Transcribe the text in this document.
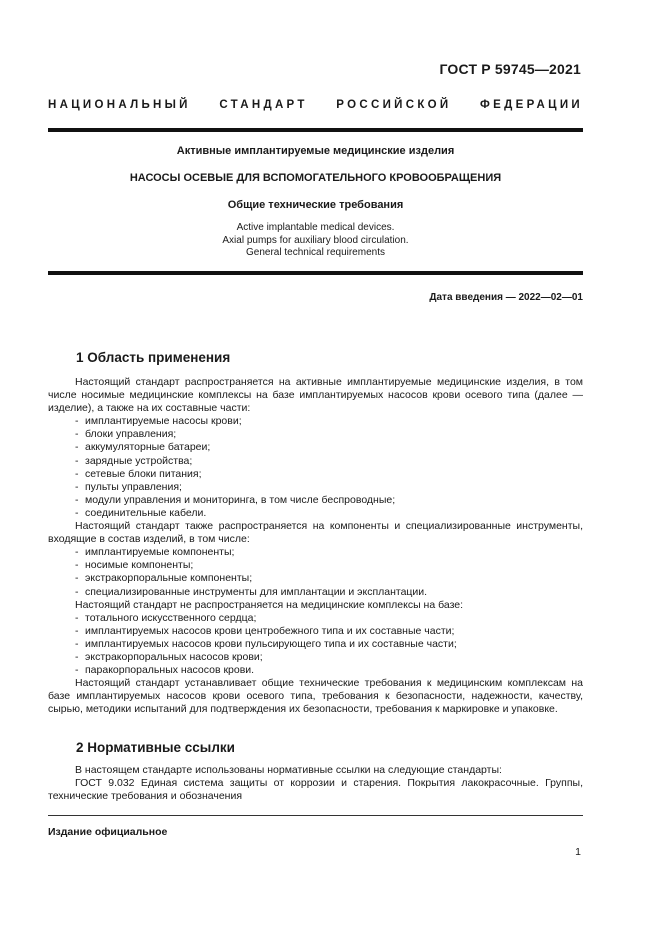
ГОСТ Р 59745—2021
НАЦИОНАЛЬНЫЙ СТАНДАРТ РОССИЙСКОЙ ФЕДЕРАЦИИ
Активные имплантируемые медицинские изделия
НАСОСЫ ОСЕВЫЕ ДЛЯ ВСПОМОГАТЕЛЬНОГО КРОВООБРАЩЕНИЯ
Общие технические требования
Active implantable medical devices.
Axial pumps for auxiliary blood circulation.
General technical requirements
Дата введения — 2022—02—01
1 Область применения

Настоящий стандарт распространяется на активные имплантируемые медицинские изделия, в том числе носимые медицинские комплексы на базе имплантируемых насосов крови осевого типа (далее — изделие), а также на их составные части:

- имплантируемые насосы крови;
- блоки управления;
- аккумуляторные батареи;
- зарядные устройства;
- сетевые блоки питания;
- пульты управления;
- модули управления и мониторинга, в том числе беспроводные;
- соединительные кабели.

Настоящий стандарт также распространяется на компоненты и специализированные инструменты, входящие в состав изделий, в том числе:

- имплантируемые компоненты;
- носимые компоненты;
- экстракорпоральные компоненты;
- специализированные инструменты для имплантации и эксплантации.

Настоящий стандарт не распространяется на медицинские комплексы на базе:

- тотального искусственного сердца;
- имплантируемых насосов крови центробежного типа и их составные части;
- имплантируемых насосов крови пульсирующего типа и их составные части;
- экстракорпоральных насосов крови;
- паракорпоральных насосов крови.

Настоящий стандарт устанавливает общие технические требования к медицинским комплексам на базе имплантируемых насосов крови осевого типа, требования к безопасности, надежности, качеству, сырью, методики испытаний для подтверждения их безопасности, требования к маркировке и упаковке.

2 Нормативные ссылки

В настоящем стандарте использованы нормативные ссылки на следующие стандарты:

ГОСТ 9.032 Единая система защиты от коррозии и старения. Покрытия лакокрасочные. Группы, технические требования и обозначения

Издание официальное
1
